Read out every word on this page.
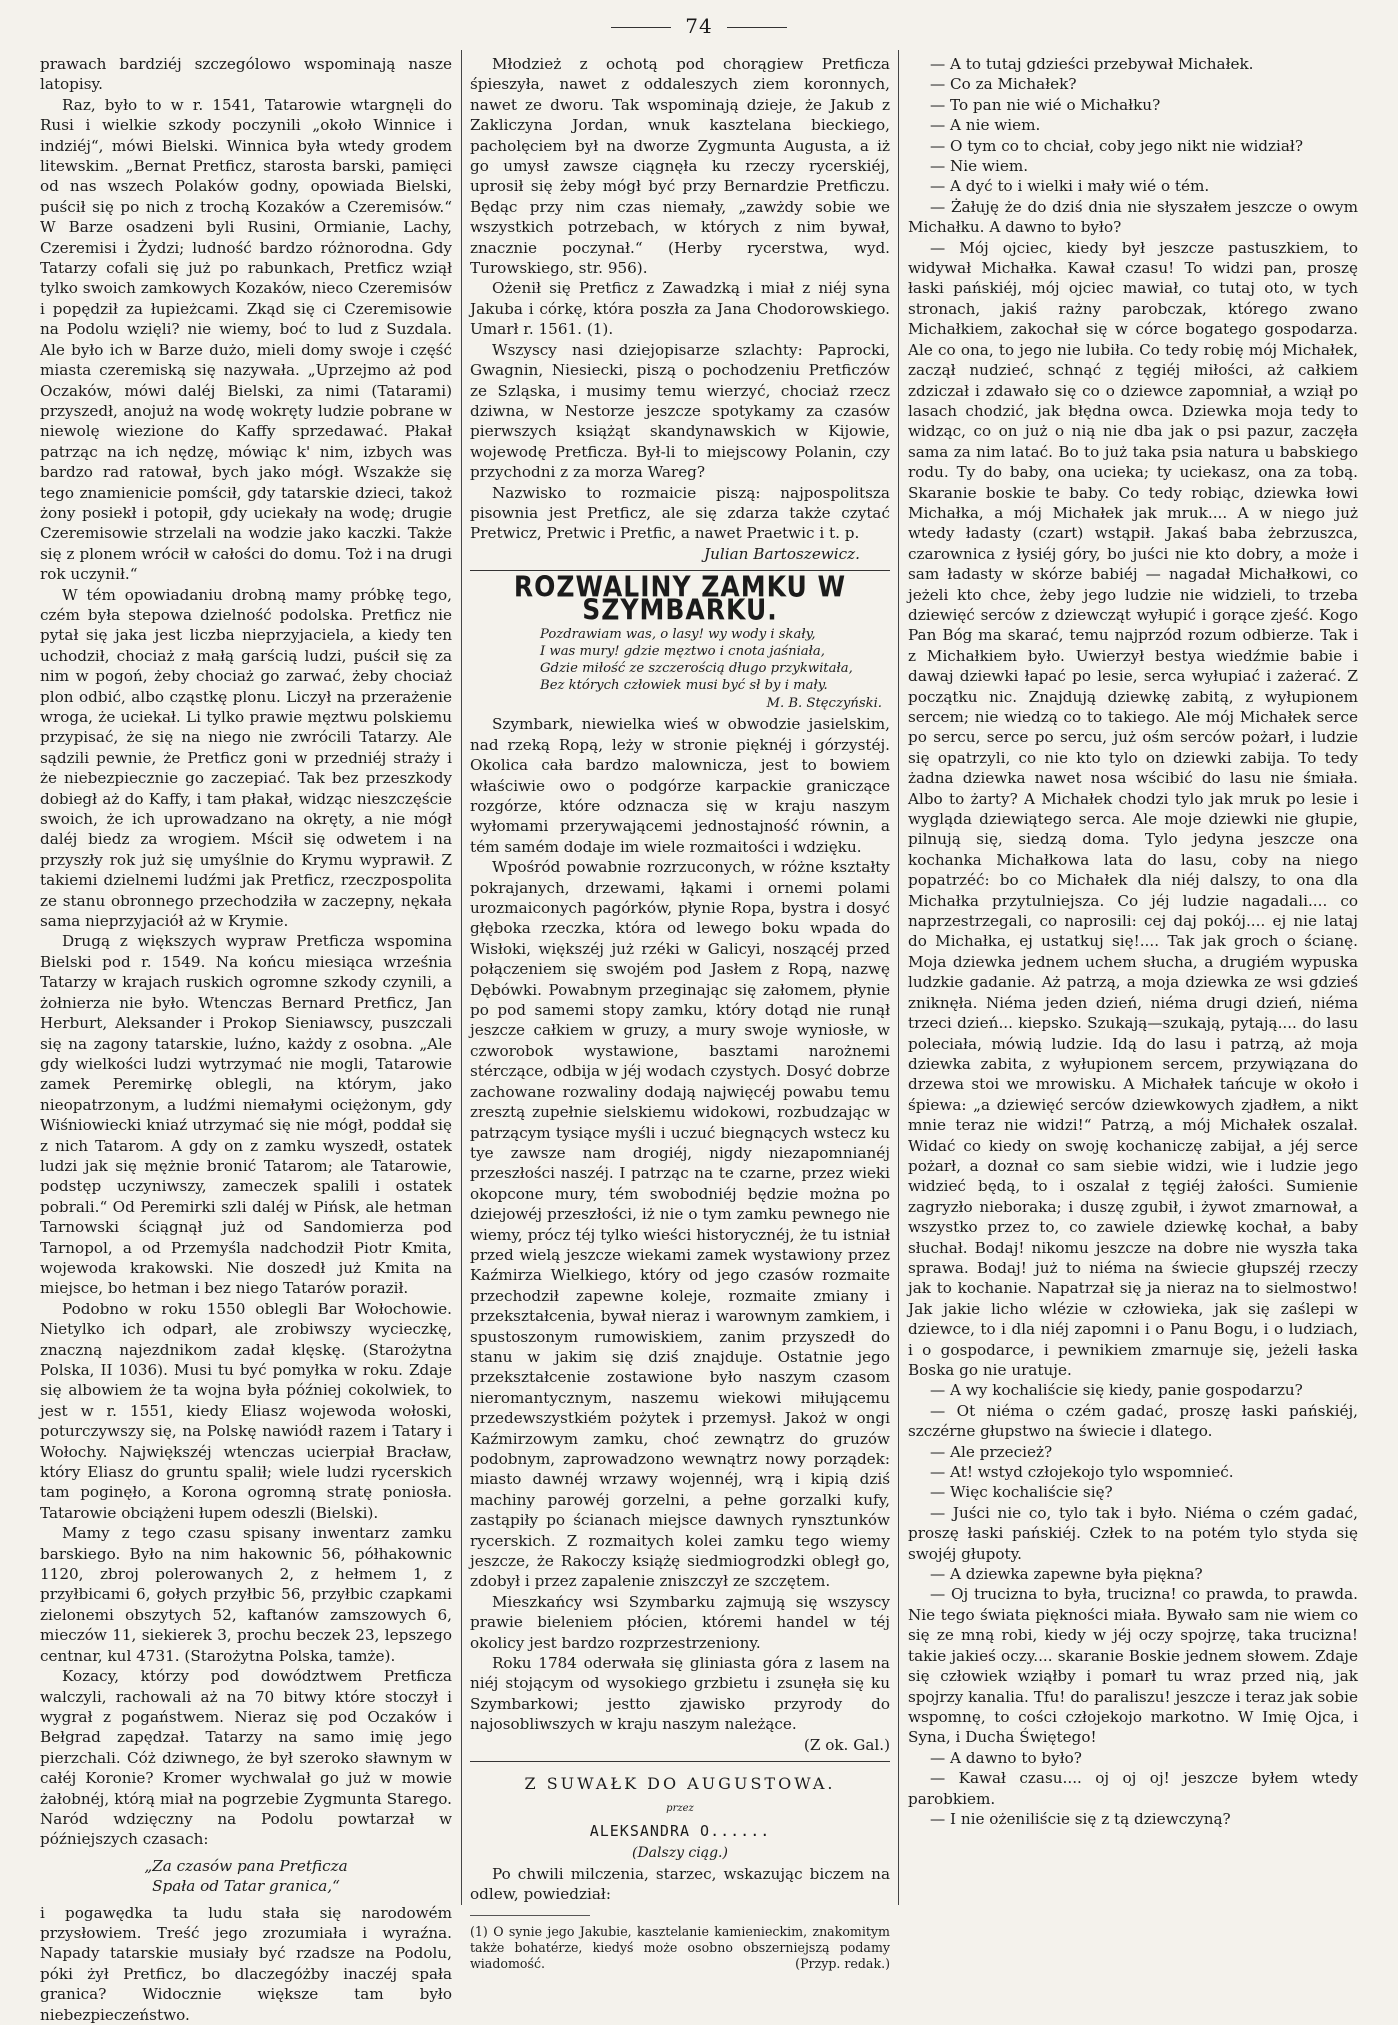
74

prawach bardziéj szczególowo wspominają nasze latopisy.

Raz, było to w r. 1541, Tatarowie wtargnęli do Rusi i wielkie szkody poczynili „około Winnice i indziéj“, mówi Bielski. Winnica była wtedy grodem litewskim. „Bernat Pretficz, starosta barski, pamięci od nas wszech Polaków godny, opowiada Bielski, puścił się po nich z trochą Kozaków a Czeremisów.“ W Barze osadzeni byli Rusini, Ormianie, Lachy, Czeremisi i Żydzi; ludność bardzo różnorodna. Gdy Tatarzy cofali się już po rabunkach, Pretficz wziął tylko swoich zamkowych Kozaków, nieco Czeremisów i popędził za łupieżcami. Zkąd się ci Czeremisowie na Podolu wzięli? nie wiemy, boć to lud z Suzdala. Ale było ich w Barze dużo, mieli domy swoje i część miasta czeremiską się nazywała. „Uprzejmo aż pod Oczaków, mówi daléj Bielski, za nimi (Tatarami) przyszedł, anojuż na wodę wokręty ludzie pobrane w niewolę wiezione do Kaffy sprzedawać. Płakał patrząc na ich nędzę, mówiąc k' nim, izbych was bardzo rad ratował, bych jako mógł. Wszakże się tego znamienicie pomścił, gdy tatarskie dzieci, takoż żony posiekł i potopił, gdy uciekały na wodę; drugie Czeremisowie strzelali na wodzie jako kaczki. Także się z plonem wrócił w całości do domu. Toż i na drugi rok uczynił.“

W tém opowiadaniu drobną mamy próbkę tego, czém była stepowa dzielność podolska. Pretficz nie pytał się jaka jest liczba nieprzyjaciela, a kiedy ten uchodził, chociaż z małą garścią ludzi, puścił się za nim w pogoń, żeby chociaż go zarwać, żeby chociaż plon odbić, albo cząstkę plonu. Liczył na przerażenie wroga, że uciekał. Li tylko prawie męztwu polskiemu przypisać, że się na niego nie zwrócili Tatarzy. Ale sądzili pewnie, że Pretficz goni w przedniéj straży i że niebezpiecznie go zaczepiać. Tak bez przeszkody dobiegł aż do Kaffy, i tam płakał, widząc nieszczęście swoich, że ich uprowadzano na okręty, a nie mógł daléj biedz za wrogiem. Mścił się odwetem i na przyszły rok już się umyślnie do Krymu wyprawił. Z takiemi dzielnemi ludźmi jak Pretficz, rzeczpospolita ze stanu obronnego przechodziła w zaczepny, nękała sama nieprzyjaciół aż w Krymie.

Drugą z większych wypraw Pretficza wspomina Bielski pod r. 1549. Na końcu miesiąca września Tatarzy w krajach ruskich ogromne szkody czynili, a żołnierza nie było. Wtenczas Bernard Pretficz, Jan Herburt, Aleksander i Prokop Sieniawscy, puszczali się na zagony tatarskie, luźno, każdy z osobna. „Ale gdy wielkości ludzi wytrzymać nie mogli, Tatarowie zamek Peremirkę oblegli, na którym, jako nieopatrzonym, a ludźmi niemałymi ociężonym, gdy Wiśniowiecki kniaź utrzymać się nie mógł, poddał się z nich Tatarom. A gdy on z zamku wyszedł, ostatek ludzi jak się mężnie bronić Tatarom; ale Tatarowie, podstęp uczyniwszy, zameczek spalili i ostatek pobrali.“ Od Peremirki szli daléj w Pińsk, ale hetman Tarnowski ściągnął już od Sandomierza pod Tarnopol, a od Przemyśla nadchodził Piotr Kmita, wojewoda krakowski. Nie doszedł już Kmita na miejsce, bo hetman i bez niego Tatarów poraził.

Podobno w roku 1550 oblegli Bar Wołochowie. Nietylko ich odparł, ale zrobiwszy wycieczkę, znaczną najezdnikom zadał klęskę. (Starożytna Polska, II 1036). Musi tu być pomyłka w roku. Zdaje się albowiem że ta wojna była później cokolwiek, to jest w r. 1551, kiedy Eliasz wojewoda wołoski, poturczywszy się, na Polskę nawiódł razem i Tatary i Wołochy. Największéj wtenczas ucierpiał Bracław, który Eliasz do gruntu spalił; wiele ludzi rycerskich tam poginęło, a Korona ogromną stratę poniosła. Tatarowie obciążeni łupem odeszli (Bielski).

Mamy z tego czasu spisany inwentarz zamku barskiego. Było na nim hakownic 56, półhakownic 1120, zbroj polerowanych 2, z hełmem 1, z przyłbicami 6, gołych przyłbic 56, przyłbic czapkami zielonemi obszytych 52, kaftanów zamszowych 6, mieczów 11, siekierek 3, prochu beczek 23, lepszego centnar, kul 4731. (Starożytna Polska, tamże).

Kozacy, którzy pod dowództwem Pretficza walczyli, rachowali aż na 70 bitwy które stoczył i wygrał z pogaństwem. Nieraz się pod Oczaków i Bełgrad zapędzał. Tatarzy na samo imię jego pierzchali. Cóż dziwnego, że był szeroko sławnym w całéj Koronie? Kromer wychwalał go już w mowie żałobnéj, którą miał na pogrzebie Zygmunta Starego. Naród wdzięczny na Podolu powtarzał w późniejszych czasach:

„Za czasów pana Pretficza
Spała od Tatar granica,“

i pogawędka ta ludu stała się narodowém przysłowiem. Treść jego zrozumiała i wyraźna. Napady tatarskie musiały być rzadsze na Podolu, póki żył Pretficz, bo dlaczegóżby inaczéj spała granica? Widocznie większe tam było niebezpieczeństwo.

Młodzież z ochotą pod chorągiew Pretficza śpieszyła, nawet z oddaleszych ziem koronnych, nawet ze dworu. Tak wspominają dzieje, że Jakub z Zakliczyna Jordan, wnuk kasztelana bieckiego, pacholęciem był na dworze Zygmunta Augusta, a iż go umysł zawsze ciągnęła ku rzeczy rycerskiéj, uprosił się żeby mógł być przy Bernardzie Pretficzu. Będąc przy nim czas niemały, „zawżdy sobie we wszystkich potrzebach, w których z nim bywał, znacznie poczynał.“ (Herby rycerstwa, wyd. Turowskiego, str. 956).

Ożenił się Pretficz z Zawadzką i miał z niéj syna Jakuba i córkę, która poszła za Jana Chodorowskiego. Umarł r. 1561. (1).

Wszyscy nasi dziejopisarze szlachty: Paprocki, Gwagnin, Niesiecki, piszą o pochodzeniu Pretficzów ze Szląska, i musimy temu wierzyć, chociaż rzecz dziwna, w Nestorze jeszcze spotykamy za czasów pierwszych książąt skandynawskich w Kijowie, wojewodę Pretficza. Był-li to miejscowy Polanin, czy przychodni z za morza Wareg?

Nazwisko to rozmaicie piszą: najpospolitsza pisownia jest Pretficz, ale się zdarza także czytać Pretwicz, Pretwic i Pretfic, a nawet Praetwic i t. p.

Julian Bartoszewicz.
ROZWALINY ZAMKU W SZYMBARKU.
Pozdrawiam was, o lasy! wy wody i skały,
I was mury! gdzie męztwo i cnota jaśniała,
Gdzie miłość ze szczerością długo przykwitała,
Bez których człowiek musi być sł by i mały.
M. B. Stęczyński.

Szymbark, niewielka wieś w obwodzie jasielskim, nad rzeką Ropą, leży w stronie pięknéj i górzystéj. Okolica cała bardzo malownicza, jest to bowiem właściwie owo o podgórze karpackie graniczące rozgórze, które odznacza się w kraju naszym wyłomami przerywającemi jednostajność równin, a tém samém dodaje im wiele rozmaitości i wdzięku.

Wpośród powabnie rozrzuconych, w różne kształty pokrajanych, drzewami, łąkami i ornemi polami urozmaiconych pagórków, płynie Ropa, bystra i dosyć głęboka rzeczka, która od lewego boku wpada do Wisłoki, większéj już rzéki w Galicyi, noszącéj przed połączeniem się swojém pod Jasłem z Ropą, nazwę Dębówki. Powabnym przeginając się załomem, płynie po pod samemi stopy zamku, który dotąd nie runął jeszcze całkiem w gruzy, a mury swoje wyniosłe, w czworobok wystawione, basztami narożnemi stérczące, odbija w jéj wodach czystych. Dosyć dobrze zachowane rozwaliny dodają najwięcéj powabu temu zresztą zupełnie sielskiemu widokowi, rozbudzając w patrzącym tysiące myśli i uczuć biegnących wstecz ku tye zawsze nam drogiéj, nigdy niezapomnianéj przeszłości naszéj. I patrząc na te czarne, przez wieki okopcone mury, tém swobodniéj będzie można po dziejowéj przeszłości, iż nie o tym zamku pewnego nie wiemy, prócz téj tylko wieści historycznéj, że tu istniał przed wielą jeszcze wiekami zamek wystawiony przez Kaźmirza Wielkiego, który od jego czasów rozmaite przechodził zapewne koleje, rozmaite zmiany i przekształcenia, bywał nieraz i warownym zamkiem, i spustoszonym rumowiskiem, zanim przyszedł do stanu w jakim się dziś znajduje. Ostatnie jego przekształcenie zostawione było naszym czasom nieromantycznym, naszemu wiekowi miłującemu przedewszystkiém pożytek i przemysł. Jakoż w ongi Kaźmirzowym zamku, choć zewnątrz do gruzów podobnym, zaprowadzono wewnątrz nowy porządek: miasto dawnéj wrzawy wojennéj, wrą i kipią dziś machiny parowéj gorzelni, a pełne gorzalki kufy, zastąpiły po ścianach miejsce dawnych rynsztunków rycerskich. Z rozmaitych kolei zamku tego wiemy jeszcze, że Rakoczy książę siedmiogrodzki obległ go, zdobył i przez zapalenie zniszczył ze szczętem.

Mieszkańcy wsi Szymbarku zajmują się wszyscy prawie bieleniem płócien, któremi handel w téj okolicy jest bardzo rozprzestrzeniony.

Roku 1784 oderwała się gliniasta góra z lasem na niéj stojącym od wysokiego grzbietu i zsunęła się ku Szymbarkowi; jestto zjawisko przyrody do najosobliwszych w kraju naszym należące.
(Z ok. Gal.)

Z SUWAŁK DO AUGUSTOWA.
przez
ALEKSANDRA O......
(Dalszy ciąg.)

Po chwili milczenia, starzec, wskazując biczem na odlew, powiedział:

(1) O synie jego Jakubie, kasztelanie kamienieckim, znakomitym także bohatérze, kiedyś może osobno obszerniejszą podamy wiadomość.	(Przyp. redak.)

— A to tutaj gdzieści przebywał Michałek.

— Co za Michałek?

— To pan nie wié o Michałku?

— A nie wiem.

— O tym co to chciał, coby jego nikt nie widział?

— Nie wiem.

— A dyć to i wielki i mały wié o tém.

— Żałuję że do dziś dnia nie słyszałem jeszcze o owym Michałku. A dawno to było?

— Mój ojciec, kiedy był jeszcze pastuszkiem, to widywał Michałka. Kawał czasu! To widzi pan, proszę łaski pańskiéj, mój ojciec mawiał, co tutaj oto, w tych stronach, jakiś rażny parobczak, którego zwano Michałkiem, zakochał się w córce bogatego gospodarza. Ale co ona, to jego nie lubiła. Co tedy robię mój Michałek, zaczął nudzieć, schnąć z tęgiéj miłości, aż całkiem zdziczał i zdawało się co o dziewce zapomniał, a wziął po lasach chodzić, jak błędna owca. Dziewka moja tedy to widząc, co on już o nią nie dba jak o psi pazur, zaczęła sama za nim latać. Bo to już taka psia natura u babskiego rodu. Ty do baby, ona ucieka; ty uciekasz, ona za tobą. Skaranie boskie te baby. Co tedy robiąc, dziewka łowi Michałka, a mój Michałek jak mruk.... A w niego już wtedy ładasty (czart) wstąpił. Jakaś baba żebrzuszca, czarownica z łysiéj góry, bo juści nie kto dobry, a może i sam ładasty w skórze babiéj — nagadał Michałkowi, co jeżeli kto chce, żeby jego ludzie nie widzieli, to trzeba dziewięć serców z dziewcząt wyłupić i gorące zjeść. Kogo Pan Bóg ma skarać, temu najprzód rozum odbierze. Tak i z Michałkiem było. Uwierzył bestya wiedźmie babie i dawaj dziewki łapać po lesie, serca wyłupiać i zażerać. Z początku nic. Znajdują dziewkę zabitą, z wyłupionem sercem; nie wiedzą co to takiego. Ale mój Michałek serce po sercu, serce po sercu, już ośm serców pożarł, i ludzie się opatrzyli, co nie kto tylo on dziewki zabija. To tedy żadna dziewka nawet nosa wścibić do lasu nie śmiała. Albo to żarty? A Michałek chodzi tylo jak mruk po lesie i wygląda dziewiątego serca. Ale moje dziewki nie głupie, pilnują się, siedzą doma. Tylo jedyna jeszcze ona kochanka Michałkowa lata do lasu, coby na niego popatrzéć: bo co Michałek dla niéj dalszy, to ona dla Michałka przytulniejsza. Co jéj ludzie nagadali.... co naprzestrzegali, co naprosili: cej daj pokój.... ej nie lataj do Michałka, ej ustatkuj się!.... Tak jak groch o ścianę. Moja dziewka jednem uchem słucha, a drugiém wypuska ludzkie gadanie. Aż patrzą, a moja dziewka ze wsi gdzieś zniknęła. Niéma jeden dzień, niéma drugi dzień, niéma trzeci dzień... kiepsko. Szukają—szukają, pytają.... do lasu poleciała, mówią ludzie. Idą do lasu i patrzą, aż moja dziewka zabita, z wyłupionem sercem, przywiązana do drzewa stoi we mrowisku. A Michałek tańcuje w około i śpiewa: „a dziewięć serców dziewkowych zjadłem, a nikt mnie teraz nie widzi!“ Patrzą, a mój Michałek oszalał. Widać co kiedy on swoję kochaniczę zabijał, a jéj serce pożarł, a doznał co sam siebie widzi, wie i ludzie jego widzieć będą, to i oszalał z tęgiéj żałości. Sumienie zagryzło nieboraka; i duszę zgubił, i żywot zmarnował, a wszystko przez to, co zawiele dziewkę kochał, a baby słuchał. Bodaj! nikomu jeszcze na dobre nie wyszła taka sprawa. Bodaj! już to niéma na świecie głupszéj rzeczy jak to kochanie. Napatrzał się ja nieraz na to sielmostwo! Jak jakie licho wlézie w człowieka, jak się zaślepi w dziewce, to i dla niéj zapomni i o Panu Bogu, i o ludziach, i o gospodarce, i pewnikiem zmarnuje się, jeżeli łaska Boska go nie uratuje.

— A wy kochaliście się kiedy, panie gospodarzu?

— Ot niéma o czém gadać, proszę łaski pańskiéj, szczérne głupstwo na świecie i dlatego.

— Ale przecież?

— At! wstyd człojekojo tylo wspomnieć.

— Więc kochaliście się?

— Juści nie co, tylo tak i było. Niéma o czém gadać, proszę łaski pańskiéj. Człek to na potém tylo styda się swojéj głupoty.

— A dziewka zapewne była piękna?

— Oj trucizna to była, trucizna! co prawda, to prawda. Nie tego świata piękności miała. Bywało sam nie wiem co się ze mną robi, kiedy w jéj oczy spojrzę, taka trucizna! takie jakieś oczy.... skaranie Boskie jednem słowem. Zdaje się człowiek wziąłby i pomarł tu wraz przed nią, jak spojrzy kanalia. Tfu! do paraliszu! jeszcze i teraz jak sobie wspomnę, to cości człojekojo markotno. W Imię Ojca, i Syna, i Ducha Świętego!

— A dawno to było?

— Kawał czasu.... oj oj oj! jeszcze byłem wtedy parobkiem.

— I nie ożeniliście się z tą dziewczyną?
